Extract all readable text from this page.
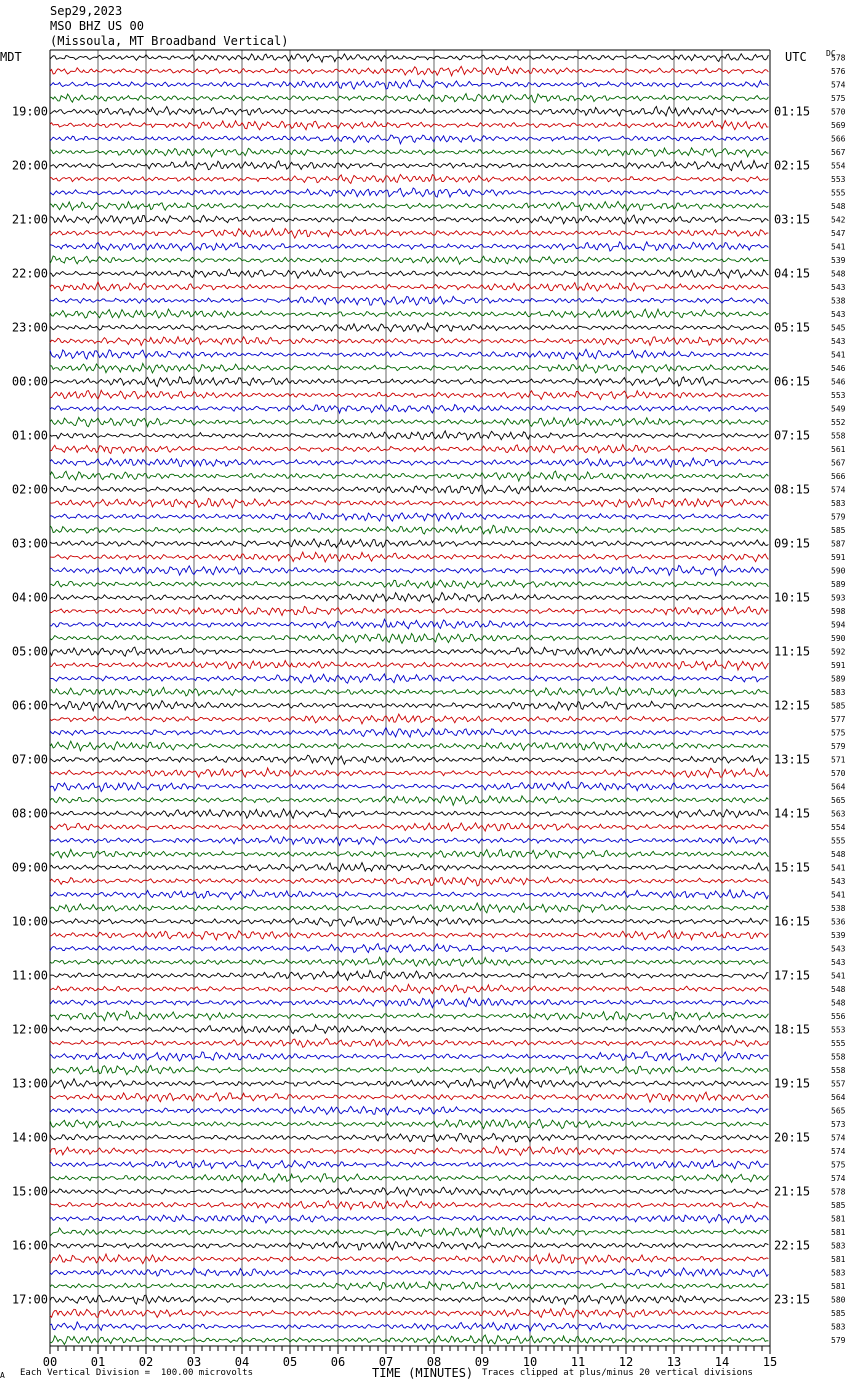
Sep29,2023
MSO BHZ US 00
(Missoula, MT Broadband Vertical)
MDT	UTC DC
00	01	02	03	04	05	06	07	08	09	10	11	12	13	14	15
578
576
574
575
570
569
566
567
554
553
555
548
542
547
541
539
548
543
538
543
545
543
541
546
546
553
549
552
558
561
567
566
574
583
579
585
587
591
590
589
593
598
594
590
592
591
589
583
585
577
575
579
571
570
564
565
563
554
555
548
541
543
541
538
536
539
543
543
541
548
548
556
553
555
558
558
557
564
565
573
574
574
575
574
578
585
581
581
583
581
583
581
580
585
583
579
19:00
20:00
21:00
22:00
23:00
00:00
01:00
02:00
03:00
04:00
05:00
06:00
07:00
08:00
09:00
10:00
11:00
12:00
13:00
14:00
15:00
16:00
17:00
01:15
02:15
03:15
04:15
05:15
06:15
07:15
08:15
09:15
10:15
11:15
12:15
13:15
14:15
15:15
16:15
17:15
18:15
19:15
20:15
21:15
22:15
23:15
A Each Vertical Division =  100.00 microvolts	TIME (MINUTES) Traces clipped at plus/minus 20 vertical divisions
